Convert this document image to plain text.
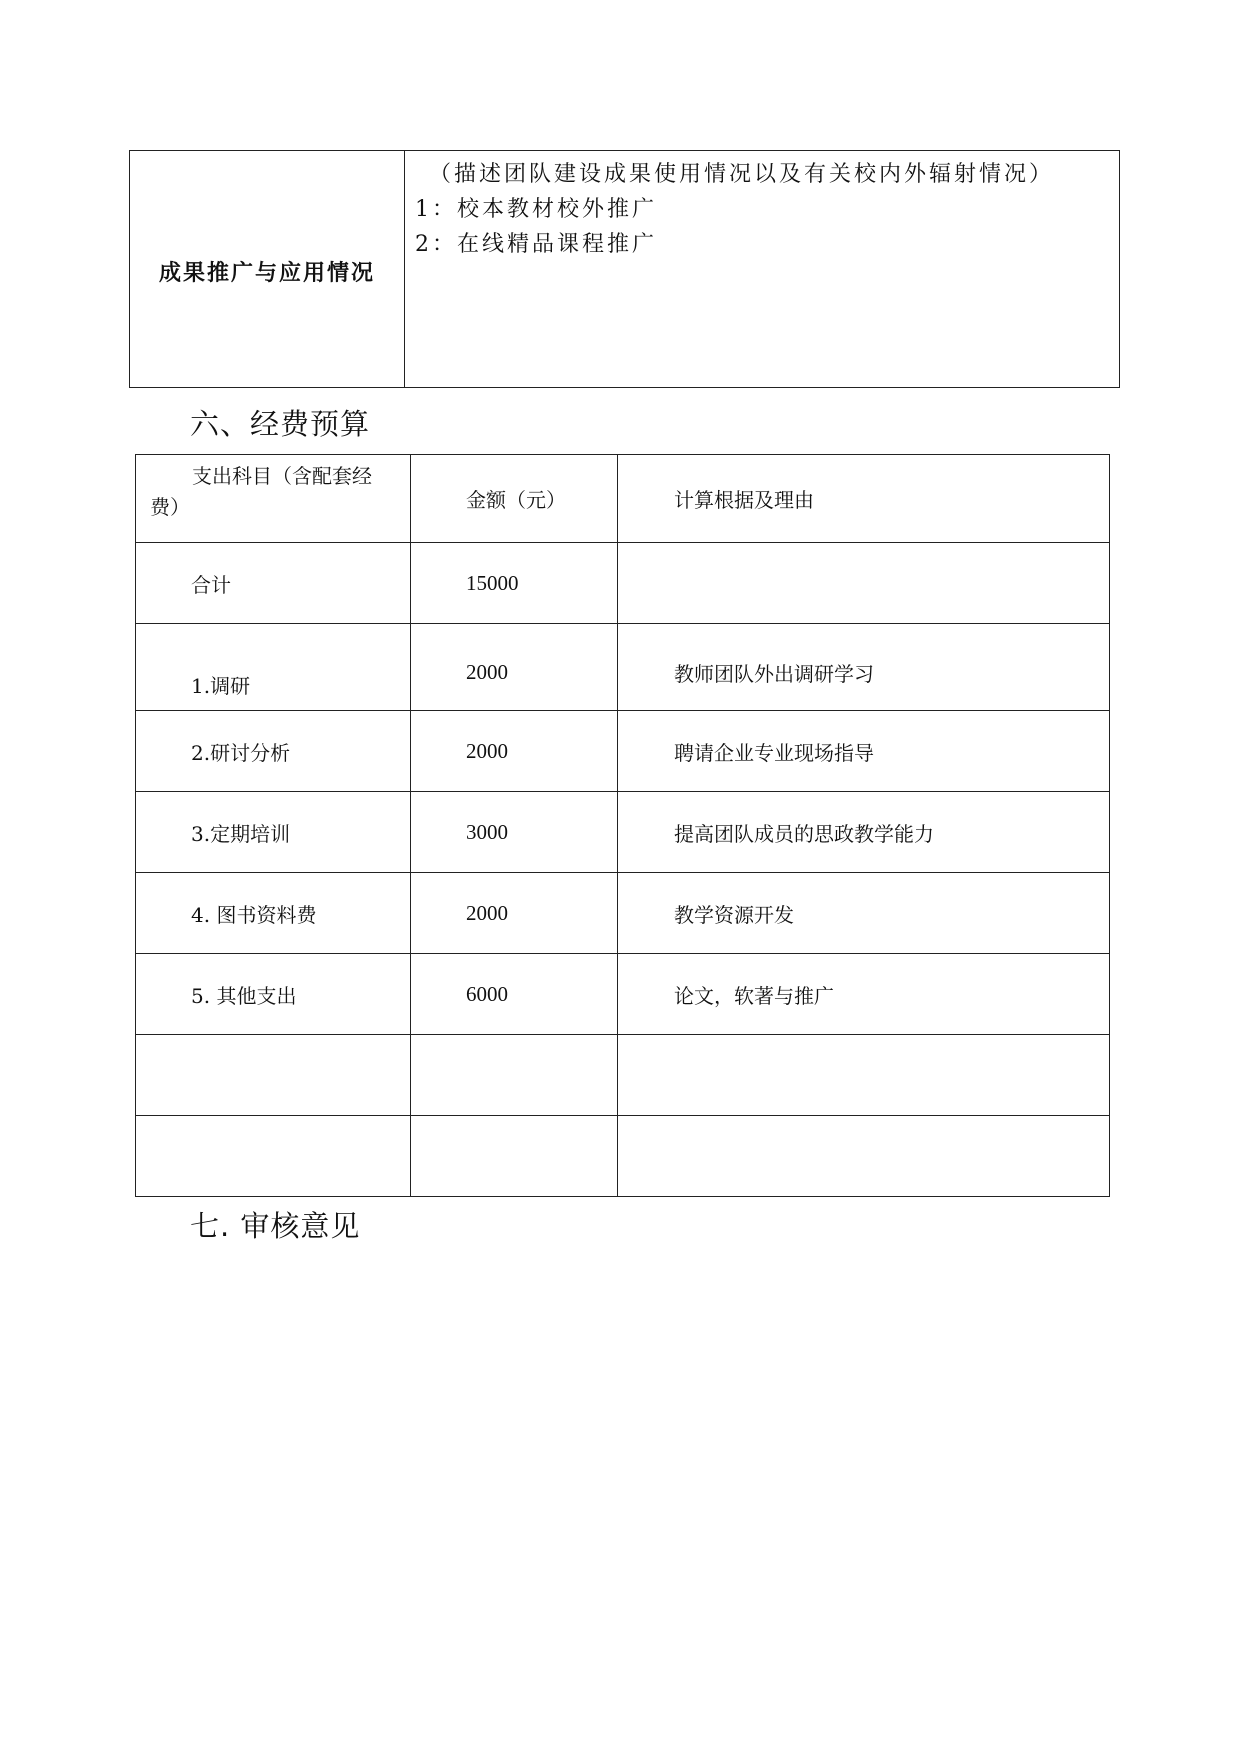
成果推广与应用情况
（描述团队建设成果使用情况以及有关校内外辐射情况）
1：校本教材校外推广
2：在线精品课程推广
六、经费预算
支出科目（含配套经费）	金额（元）	计算根据及理由

合计	15000	

1.调研	2000	教师团队外出调研学习

2.研讨分析	2000	聘请企业专业现场指导

3.定期培训	3000	提高团队成员的思政教学能力

4. 图书资料费	2000	教学资源开发

5. 其他支出	6000	论文，软著与推广

七. 审核意见
